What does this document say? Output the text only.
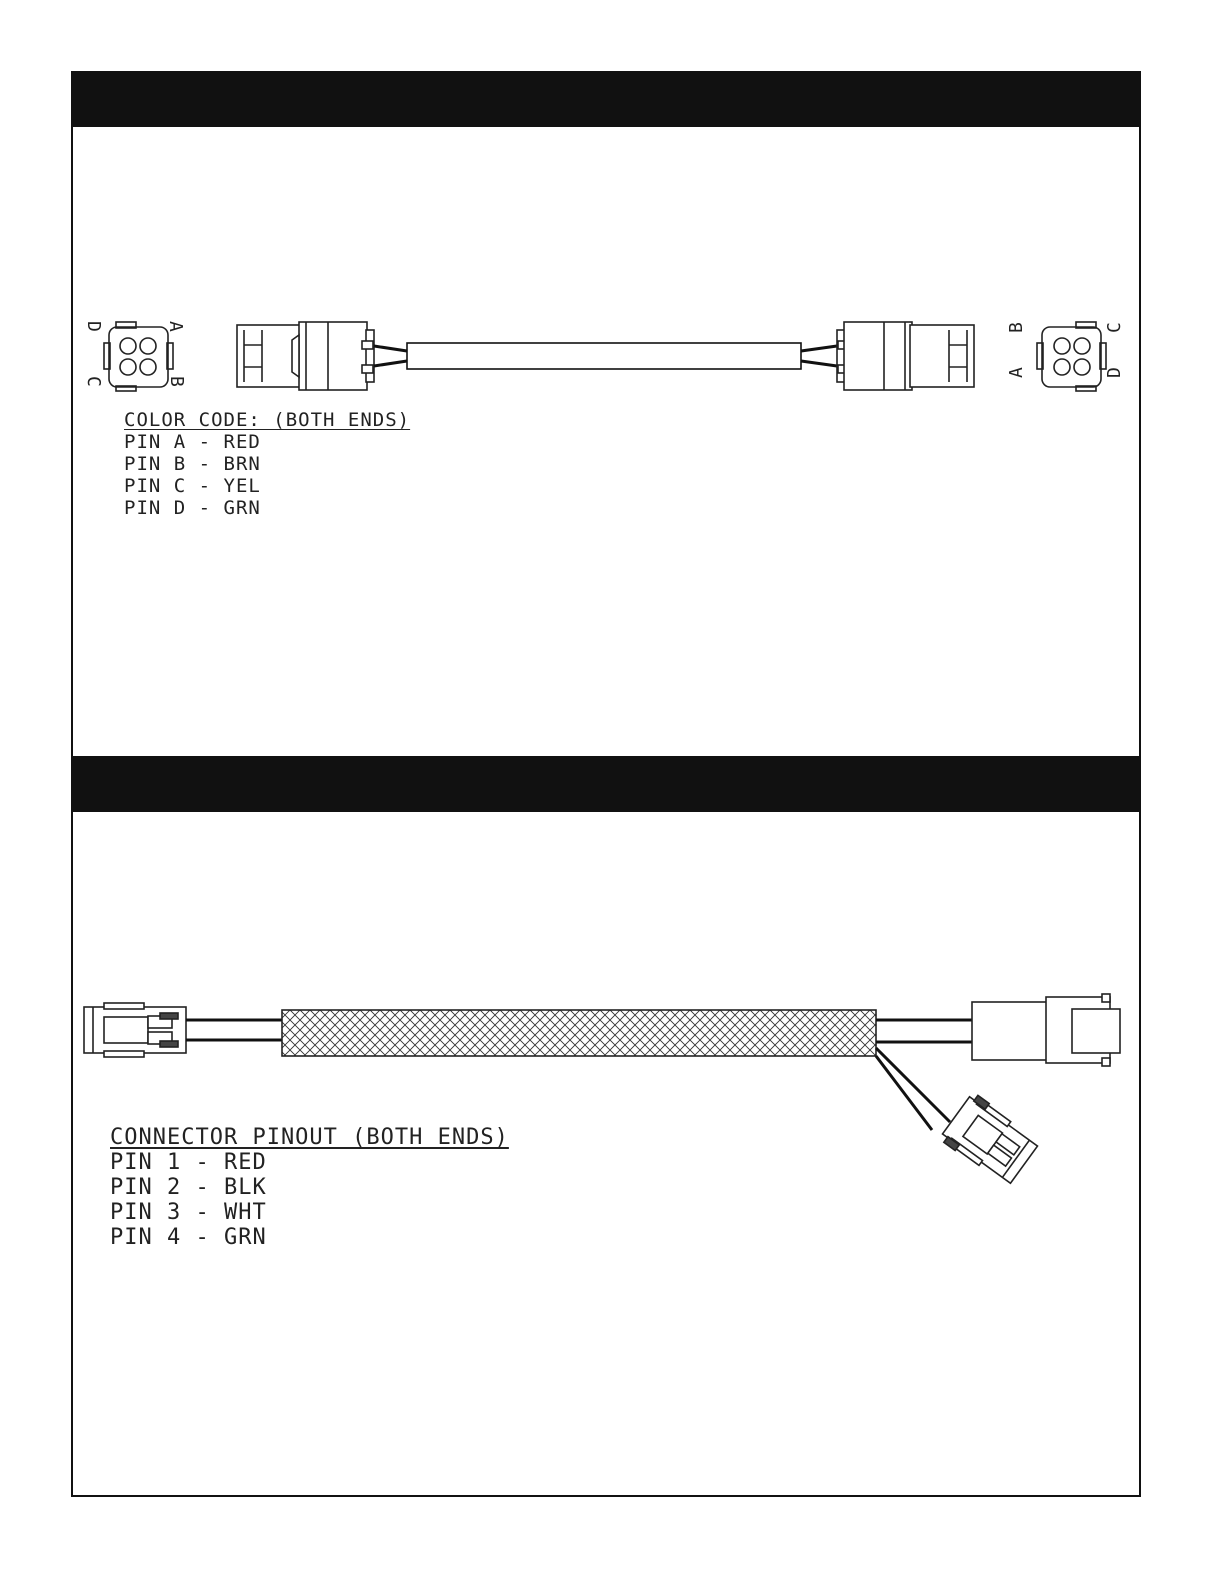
A
B
C
D
A
B	C
D
COLOR CODE: (BOTH ENDS)
PIN A - RED
PIN B - BRN
PIN C - YEL
PIN D - GRN
CONNECTOR PINOUT (BOTH ENDS)
PIN 1 - RED
PIN 2 - BLK
PIN 3 - WHT
PIN 4 - GRN
